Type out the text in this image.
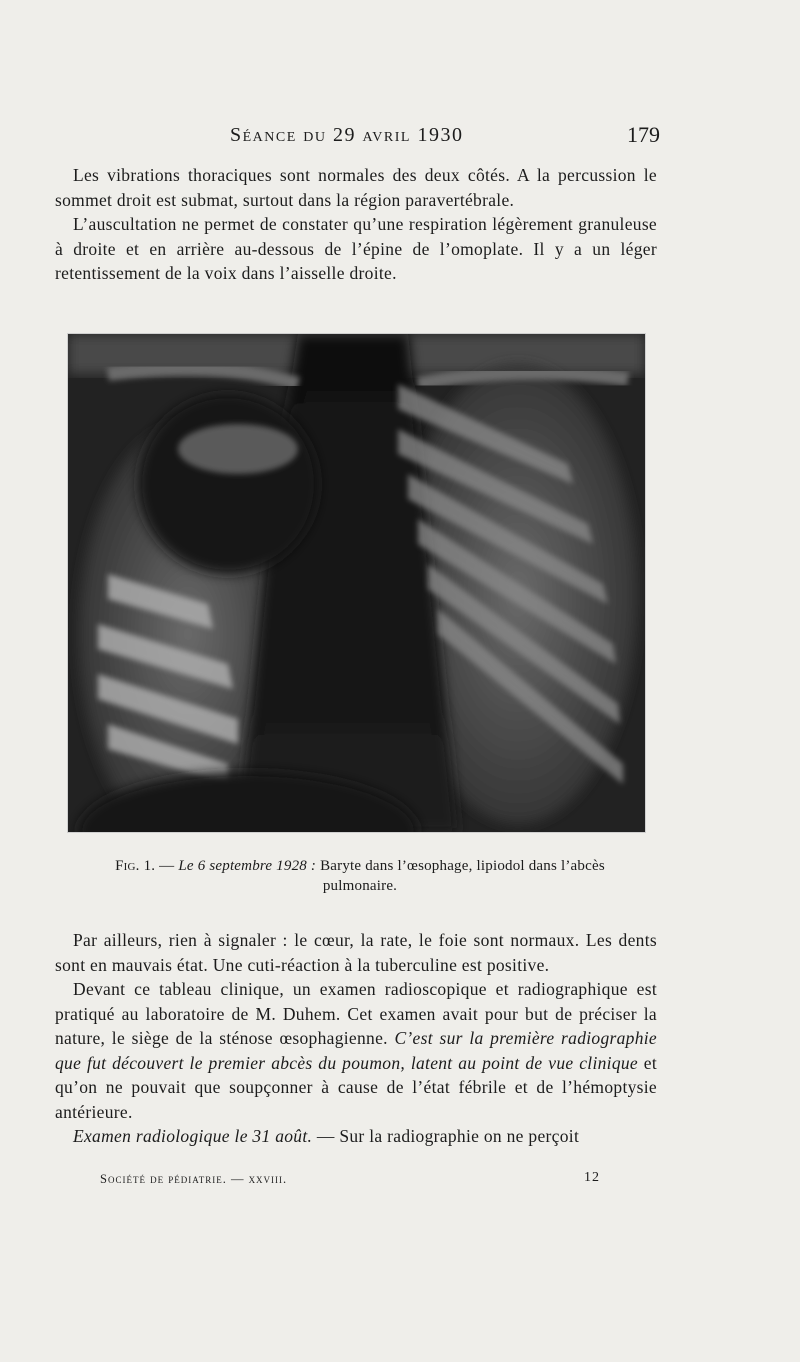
Séance du 29 avril 1930	179

Les vibrations thoraciques sont normales des deux côtés. A la percussion le sommet droit est submat, surtout dans la région paravertébrale.

L’auscultation ne permet de constater qu’une respiration légèrement granuleuse à droite et en arrière au-dessous de l’épine de l’omoplate. Il y a un léger retentissement de la voix dans l’aisselle droite.

Fig. 1. — Le 6 septembre 1928 : Baryte dans l’œsophage, lipiodol dans l’abcès pulmonaire.

Par ailleurs, rien à signaler : le cœur, la rate, le foie sont normaux. Les dents sont en mauvais état. Une cuti-réaction à la tuberculine est positive.

Devant ce tableau clinique, un examen radioscopique et radiographique est pratiqué au laboratoire de M. Duhem. Cet examen avait pour but de préciser la nature, le siège de la sténose œsophagienne. C’est sur la première radiographie que fut découvert le premier abcès du poumon, latent au point de vue clinique et qu’on ne pouvait que soupçonner à cause de l’état fébrile et de l’hémoptysie antérieure.

Examen radiologique le 31 août. — Sur la radiographie on ne perçoit

Société de pédiatrie. — xxviii.	12
